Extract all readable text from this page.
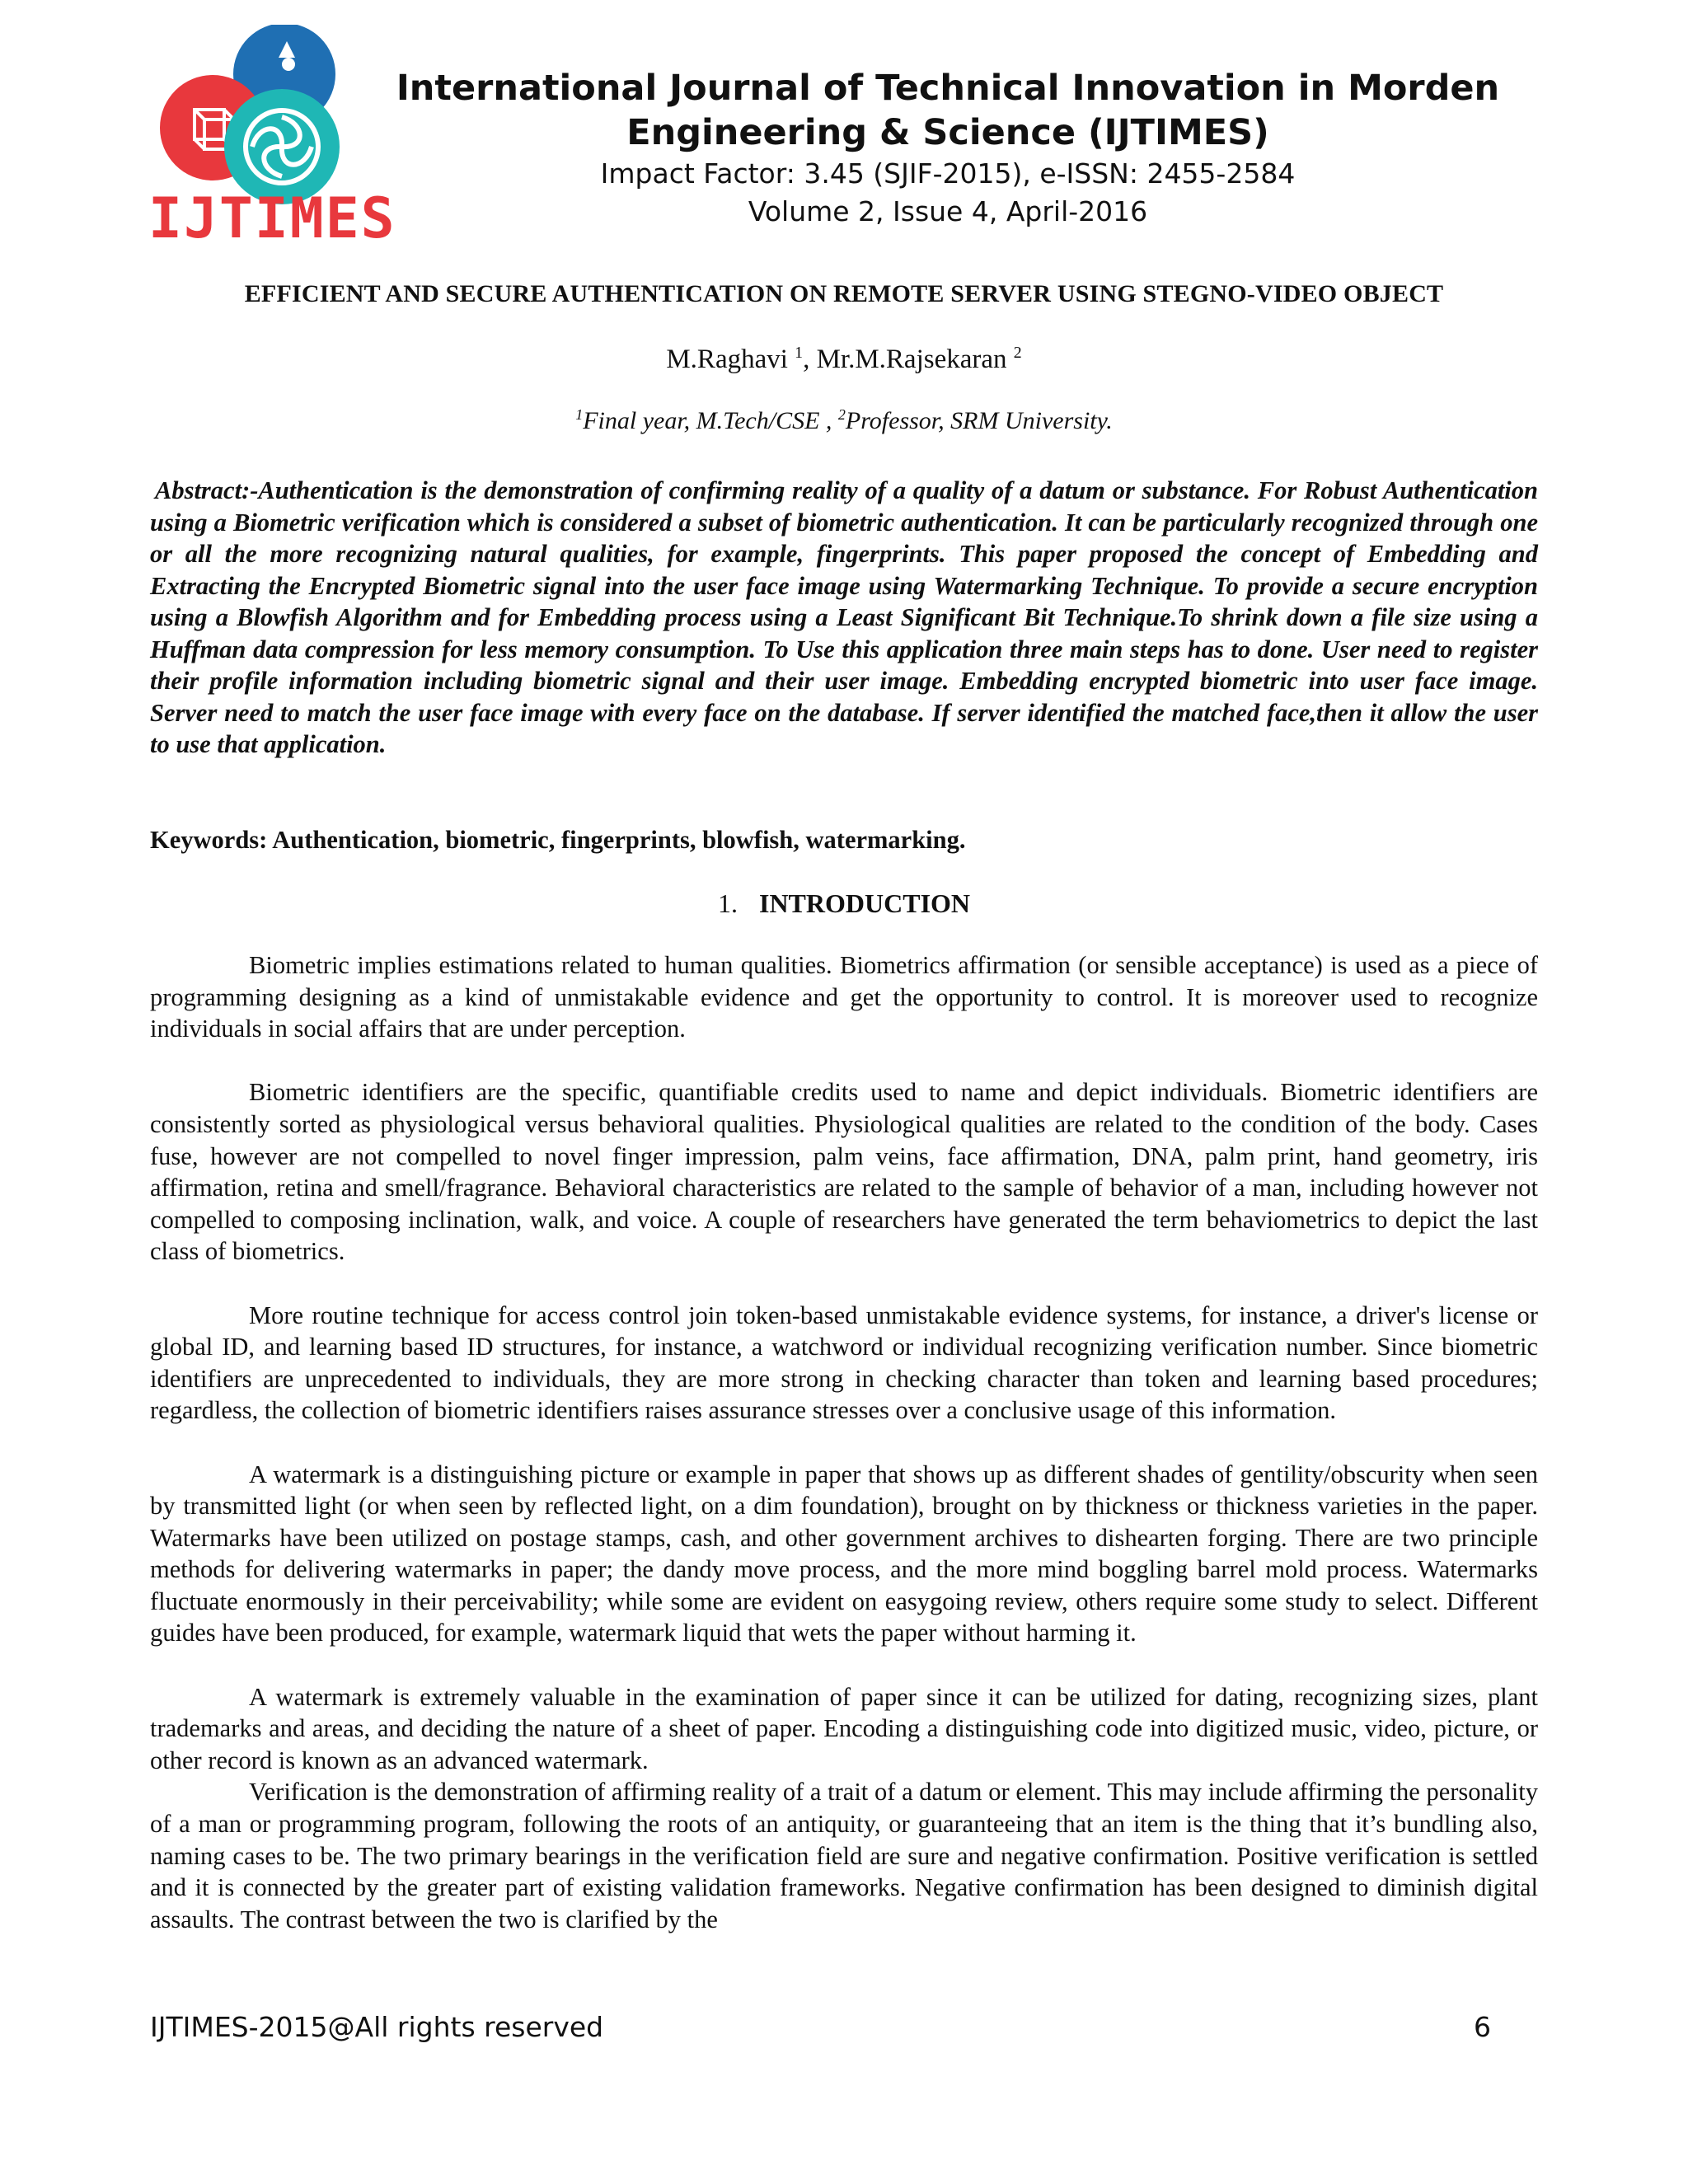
IJTIMES
International Journal of Technical Innovation in Morden
Engineering & Science (IJTIMES)
Impact Factor: 3.45 (SJIF-2015), e-ISSN: 2455-2584
Volume 2, Issue 4, April-2016
EFFICIENT AND SECURE AUTHENTICATION ON REMOTE SERVER USING STEGNO-VIDEO OBJECT
M.Raghavi $^1$, Mr.M.Rajsekaran $^2$
$^1$Final year, M.Tech/CSE , $^2$Professor, SRM University.

Abstract:-Authentication is the demonstration of confirming reality of a quality of a datum or substance. For Robust Authentication using a Biometric verification which is considered a subset of biometric authentication. It can be particularly recognized through one or all the more recognizing natural qualities, for example, fingerprints. This paper proposed the concept of Embedding and Extracting the Encrypted Biometric signal into the user face image using Watermarking Technique. To provide a secure encryption using a Blowfish Algorithm and for Embedding process using a Least Significant Bit Technique.To shrink down a file size using a Huffman data compression for less memory consumption. To Use this application three main steps has to done. User need to register their profile information including biometric signal and their user image. Embedding encrypted biometric into user face image. Server need to match the user face image with every face on the database. If server identified the matched face,then it allow the user to use that application.

Keywords: Authentication, biometric, fingerprints, blowfish, watermarking.

1. INTRODUCTION

Biometric implies estimations related to human qualities. Biometrics affirmation (or sensible acceptance) is used as a piece of programming designing as a kind of unmistakable evidence and get the opportunity to control. It is moreover used to recognize individuals in social affairs that are under perception.

Biometric identifiers are the specific, quantifiable credits used to name and depict individuals. Biometric identifiers are consistently sorted as physiological versus behavioral qualities. Physiological qualities are related to the condition of the body. Cases fuse, however are not compelled to novel finger impression, palm veins, face affirmation, DNA, palm print, hand geometry, iris affirmation, retina and smell/fragrance. Behavioral characteristics are related to the sample of behavior of a man, including however not compelled to composing inclination, walk, and voice. A couple of researchers have generated the term behaviometrics to depict the last class of biometrics.

More routine technique for access control join token-based unmistakable evidence systems, for instance, a driver's license or global ID, and learning based ID structures, for instance, a watchword or individual recognizing verification number. Since biometric identifiers are unprecedented to individuals, they are more strong in checking character than token and learning based procedures; regardless, the collection of biometric identifiers raises assurance stresses over a conclusive usage of this information.

A watermark is a distinguishing picture or example in paper that shows up as different shades of gentility/obscurity when seen by transmitted light (or when seen by reflected light, on a dim foundation), brought on by thickness or thickness varieties in the paper. Watermarks have been utilized on postage stamps, cash, and other government archives to dishearten forging. There are two principle methods for delivering watermarks in paper; the dandy move process, and the more mind boggling barrel mold process. Watermarks fluctuate enormously in their perceivability; while some are evident on easygoing review, others require some study to select. Different guides have been produced, for example, watermark liquid that wets the paper without harming it.

A watermark is extremely valuable in the examination of paper since it can be utilized for dating, recognizing sizes, plant trademarks and areas, and deciding the nature of a sheet of paper. Encoding a distinguishing code into digitized music, video, picture, or other record is known as an advanced watermark.

Verification is the demonstration of affirming reality of a trait of a datum or element. This may include affirming the personality of a man or programming program, following the roots of an antiquity, or guaranteeing that an item is the thing that it’s bundling also, naming cases to be. The two primary bearings in the verification field are sure and negative confirmation. Positive verification is settled and it is connected by the greater part of existing validation frameworks. Negative confirmation has been designed to diminish digital assaults. The contrast between the two is clarified by the

IJTIMES-2015@All rights reserved	6
